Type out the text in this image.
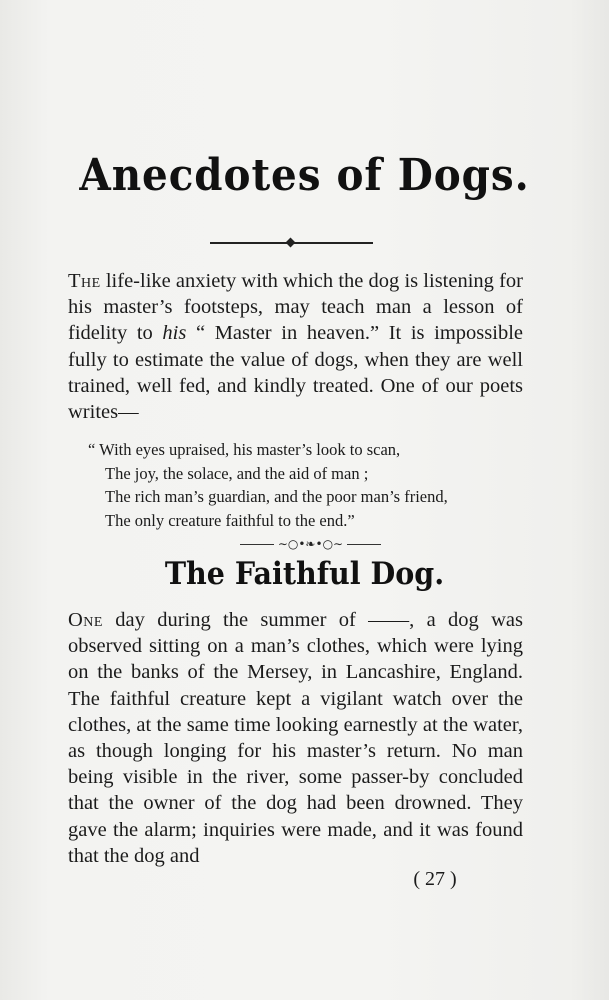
Anecdotes of Dogs.
The life-like anxiety with which the dog is listening for his master’s footsteps, may teach man a lesson of fidelity to his “ Master in heaven.” It is impossible fully to estimate the value of dogs, when they are well trained, well fed, and kindly treated. One of our poets writes—
“ With eyes upraised, his master’s look to scan,
The joy, the solace, and the aid of man ;
The rich man’s guardian, and the poor man’s friend,
The only creature faithful to the end.”
∼○•❧•○∼
The Faithful Dog.
One day during the summer of ——, a dog was observed sitting on a man’s clothes, which were lying on the banks of the Mersey, in Lancashire, England. The faithful creature kept a vigilant watch over the clothes, at the same time looking earnestly at the water, as though longing for his master’s return. No man being visible in the river, some passer-by concluded that the owner of the dog had been drowned. They gave the alarm; inquiries were made, and it was found that the dog and
( 27 )
